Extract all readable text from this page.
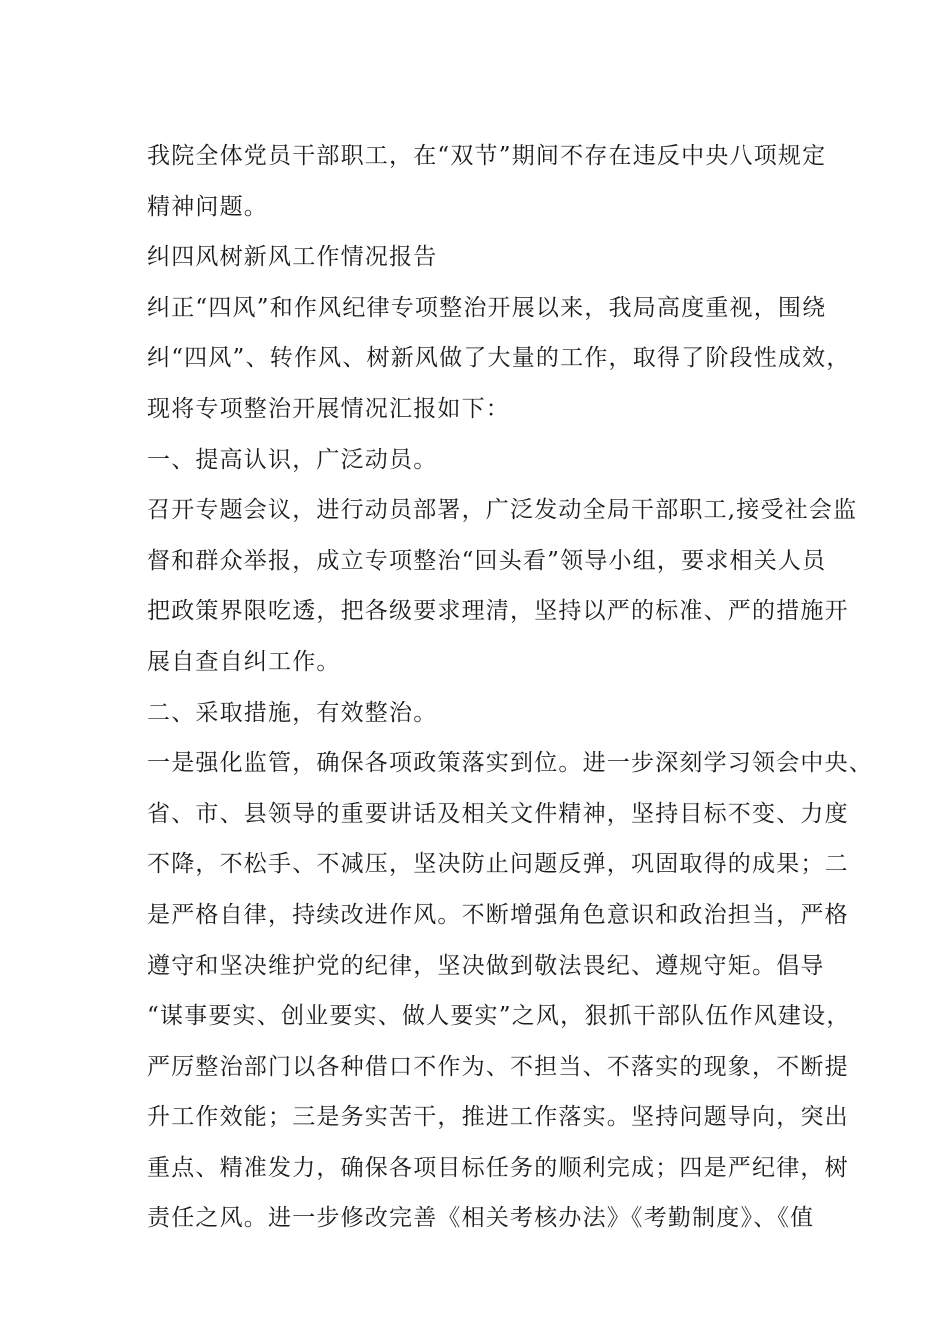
我院全体党员干部职工，在“双节”期间不存在违反中央八项规定
精神问题。
纠四风树新风工作情况报告
纠正“四风”和作风纪律专项整治开展以来，我局高度重视，围绕
纠“四风”、转作风、树新风做了大量的工作，取得了阶段性成效，
现将专项整治开展情况汇报如下：
一、提高认识，广泛动员。
召开专题会议，进行动员部署，广泛发动全局干部职工,接受社会监
督和群众举报，成立专项整治“回头看”领导小组，要求相关人员
把政策界限吃透，把各级要求理清，坚持以严的标准、严的措施开
展自查自纠工作。
二、采取措施，有效整治。
一是强化监管，确保各项政策落实到位。进一步深刻学习领会中央、
省、市、县领导的重要讲话及相关文件精神，坚持目标不变、力度
不降，不松手、不减压，坚决防止问题反弹，巩固取得的成果；二
是严格自律，持续改进作风。不断增强角色意识和政治担当，严格
遵守和坚决维护党的纪律，坚决做到敬法畏纪、遵规守矩。倡导
“谋事要实、创业要实、做人要实”之风，狠抓干部队伍作风建设，
严厉整治部门以各种借口不作为、不担当、不落实的现象，不断提
升工作效能；三是务实苦干，推进工作落实。坚持问题导向，突出
重点、精准发力，确保各项目标任务的顺利完成；四是严纪律，树
责任之风。进一步修改完善《相关考核办法》《考勤制度》、《值
